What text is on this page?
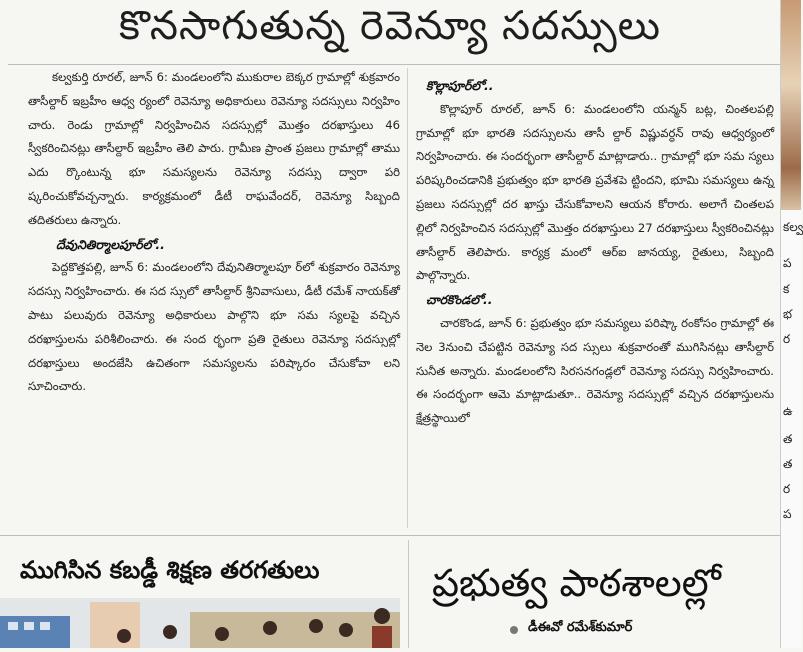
కొనసాగుతున్న రెవెన్యూ సదస్సులు

కల్వకుర్తి రూరల్‌, జూన్‌ 6: మండలంలోని ముకురాల బెక్కర గ్రామాల్లో శుక్రవారం తాసీల్దార్‌ ఇబ్రహీం ఆధ్వ ర్యంలో రెవెన్యూ అధికారులు రెవెన్యూ సదస్సులు నిర్వహిం చారు. రెండు గ్రామాల్లో నిర్వహించిన సదస్సుల్లో మొత్తం దరఖాస్తులు 46 స్వీకరించినట్లు తాసీల్దార్‌ ఇబ్రహీం తెలి పారు. గ్రామీణ ప్రాంత ప్రజలు గ్రామాల్లో తాము ఎదు ర్కొంటున్న భూ సమస్యలను రెవెన్యూ సదస్సు ద్వారా పరి ష్కరించుకోవచ్చన్నారు. కార్యక్రమంలో డీటీ రాఘవేందర్‌, రెవెన్యూ సిబ్బంది తదితరులు ఉన్నారు.

దేవునితిర్మాలపూర్‌లో..

పెద్దకొత్తపల్లి, జూన్‌ 6: మండలంలోని దేవునితిర్మాలపూ ర్‌లో శుక్రవారం రెవెన్యూ సదస్సు నిర్వహించారు. ఈ సద స్సులో తాసీల్దార్‌ శ్రీనివాసులు, డీటీ రమేశ్‌ నాయక్‌తో పాటు పలువురు రెవెన్యూ అధికారులు పాల్గొని భూ సమ స్యలపై వచ్చిన దరఖాస్తులను పరిశీలించారు. ఈ సంద ర్భంగా ప్రతి రైతులు రెవెన్యూ సదస్సుల్లో దరఖాస్తులు అందజేసి ఉచితంగా సమస్యలను పరిష్కారం చేసుకోవా లని సూచించారు.

కొల్లాపూర్‌లో..

కొల్లాపూర్‌ రూరల్‌, జూన్‌ 6: మండలంలోని యన్మన్‌ బట్ల, చింతలపల్లి గ్రామాల్లో భూ భారతి సదస్సులను తాసీ ల్దార్‌ విష్ణువర్ధన్‌ రావు ఆధ్వర్యంలో నిర్వహించారు. ఈ సందర్భంగా తాసీల్దార్‌ మాట్లాడారు.. గ్రామాల్లో భూ సమ స్యలు పరిష్కరించడానికి ప్రభుత్వం భూ భారతి ప్రవేశపె ట్టిందని, భూమి సమస్యలు ఉన్న ప్రజలు సదస్సుల్లో దర ఖాస్తు చేసుకోవాలని ఆయన కోరారు. అలాగే చింతలప ల్లిలో నిర్వహించిన సదస్సుల్లో మొత్తం దరఖాస్తులు 27 దరఖాస్తులు స్వీకరించినట్లు తాసీల్దార్‌ తెలిపారు. కార్యక్ర మంలో ఆర్‌ఐ జానయ్య, రైతులు, సిబ్బంది పాల్గొన్నారు.

చారకొండలో..

చారకొండ, జూన్‌ 6: ప్రభుత్వం భూ సమస్యలు పరిష్కా రంకోసం గ్రామాల్లో ఈ నెల 3నుంచి చేపట్టిన రెవెన్యూ సద స్సులు శుక్రవారంతో ముగిసినట్లు తాసీల్దార్‌ సునీత అన్నారు. మండలంలోని సిరసనగండ్లలో రెవెన్యూ సదస్సు నిర్వహించారు. ఈ సందర్భంగా ఆమె మాట్లాడుతూ.. రెవెన్యూ సదస్సుల్లో వచ్చిన దరఖాస్తులను క్షేత్రస్థాయిలో

కల్వ
ప
క
భ
ర
ఉ
త
త
ర
ప
ముగిసిన కబడ్డీ శిక్షణ తరగతులు	ప్రభుత్వ పాఠశాలల్లో
డీఈవో రమేశ్‌కుమార్‌
